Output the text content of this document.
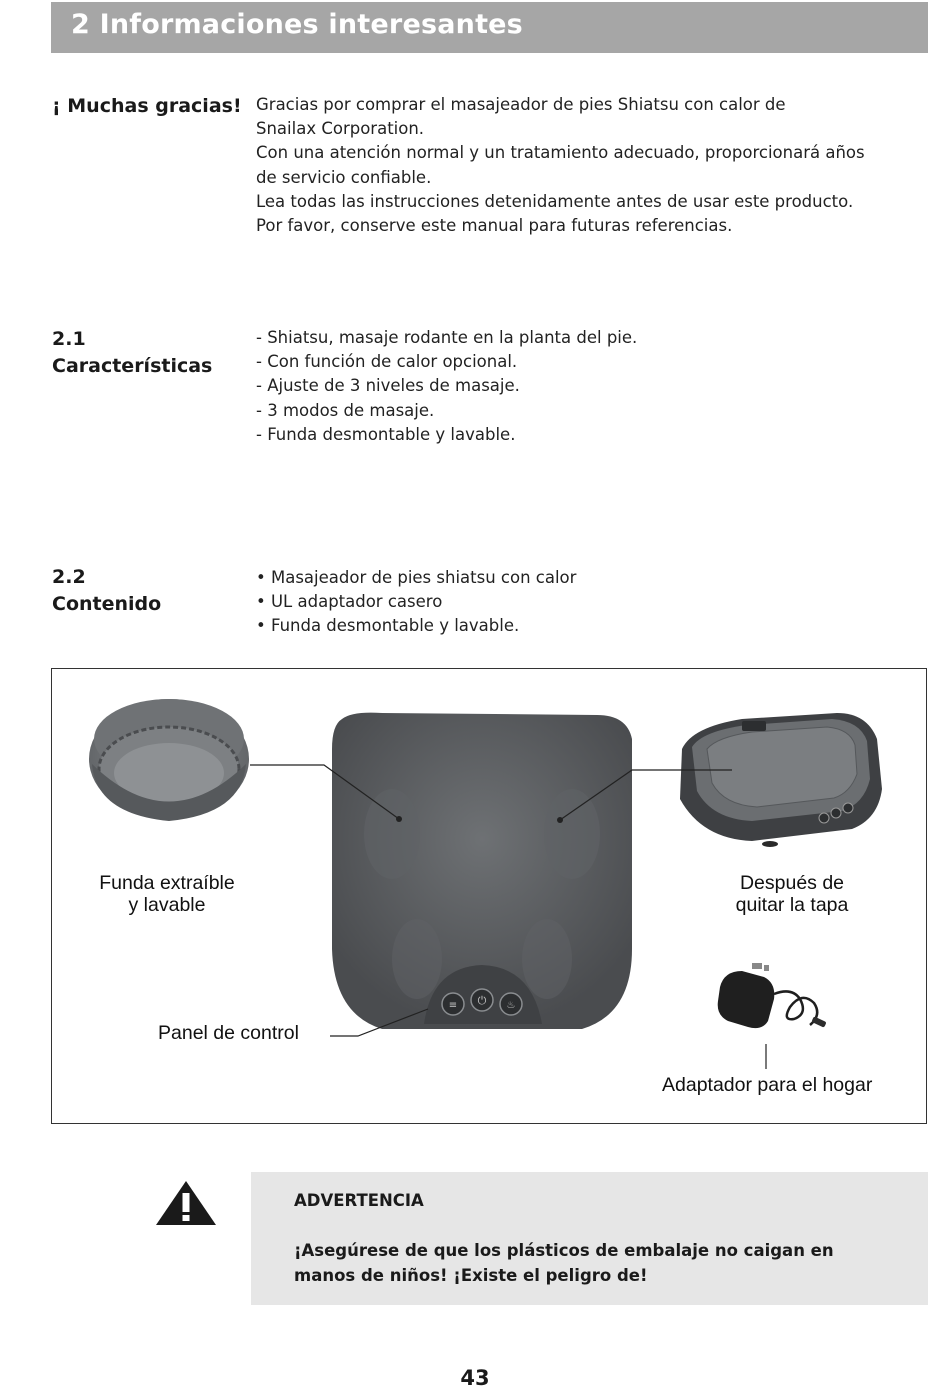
2 Informaciones interesantes
¡ Muchas gracias! Gracias por comprar el masajeador de pies Shiatsu con calor de
Snailax Corporation.
Con una atención normal y un tratamiento adecuado, proporcionará años
de servicio confiable.
Lea todas las instrucciones detenidamente antes de usar este producto.
Por favor, conserve este manual para futuras referencias.
2.1
Características
- Shiatsu, masaje rodante en la planta del pie.
- Con función de calor opcional.
- Ajuste de 3 niveles de masaje.
- 3 modos de masaje.
- Funda desmontable y lavable.
2.2
Contenido
• Masajeador de pies shiatsu con calor
• UL adaptador casero
• Funda desmontable y lavable.
≡ ⏻ ♨
Funda extraíble
y lavable
Después de
quitar la tapa
Panel de control
Adaptador para el hogar
ADVERTENCIA
¡Asegúrese de que los plásticos de embalaje no caigan en
manos de niños! ¡Existe el peligro de!
43
